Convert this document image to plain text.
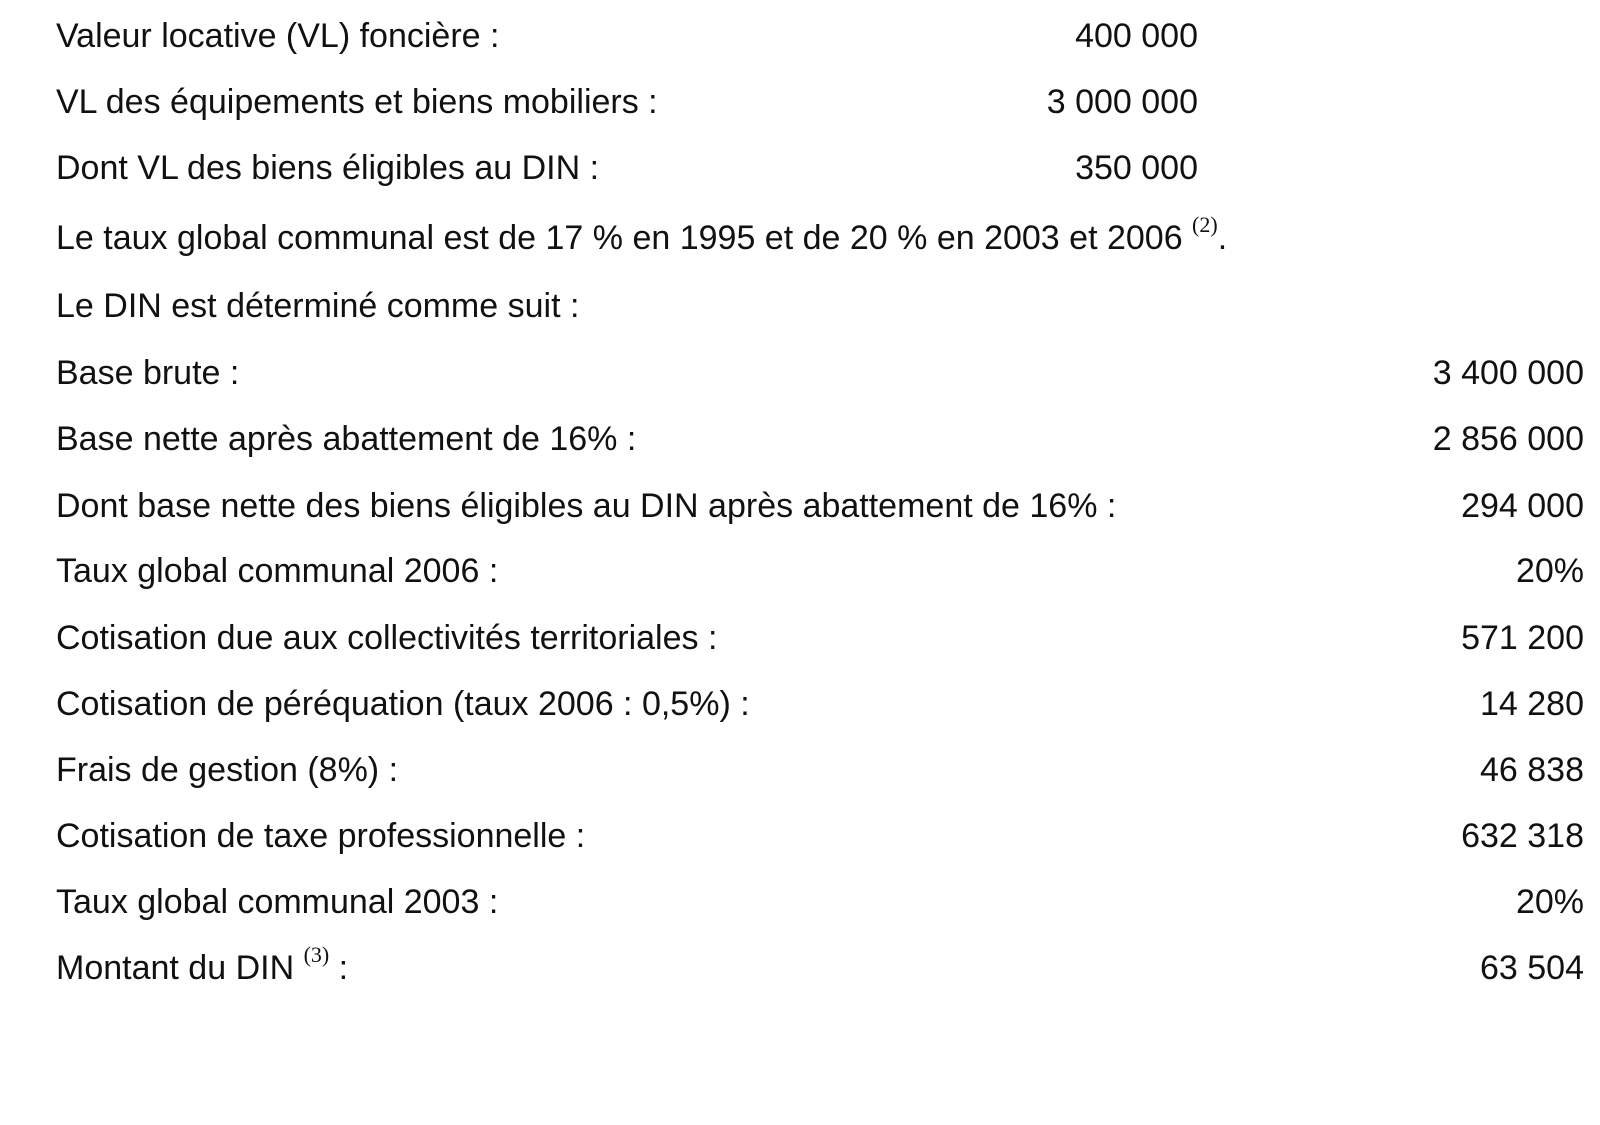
Valeur locative (VL) foncière :	400 000
VL des équipements et biens mobiliers :	3 000 000
Dont VL des biens éligibles au DIN :	350 000
Le taux global communal est de 17 % en 1995 et de 20 % en 2003 et 2006 $^{(2)}$.
Le DIN est déterminé comme suit :
Base brute :	3 400 000
Base nette après abattement de 16% :	2 856 000
Dont base nette des biens éligibles au DIN après abattement de 16% :	294 000
Taux global communal 2006 :	20%
Cotisation due aux collectivités territoriales :	571 200
Cotisation de péréquation (taux 2006 : 0,5%) :	14 280
Frais de gestion (8%) :	46 838
Cotisation de taxe professionnelle :	632 318
Taux global communal 2003 :	20%
Montant du DIN $^{(3)}$ :	63 504
